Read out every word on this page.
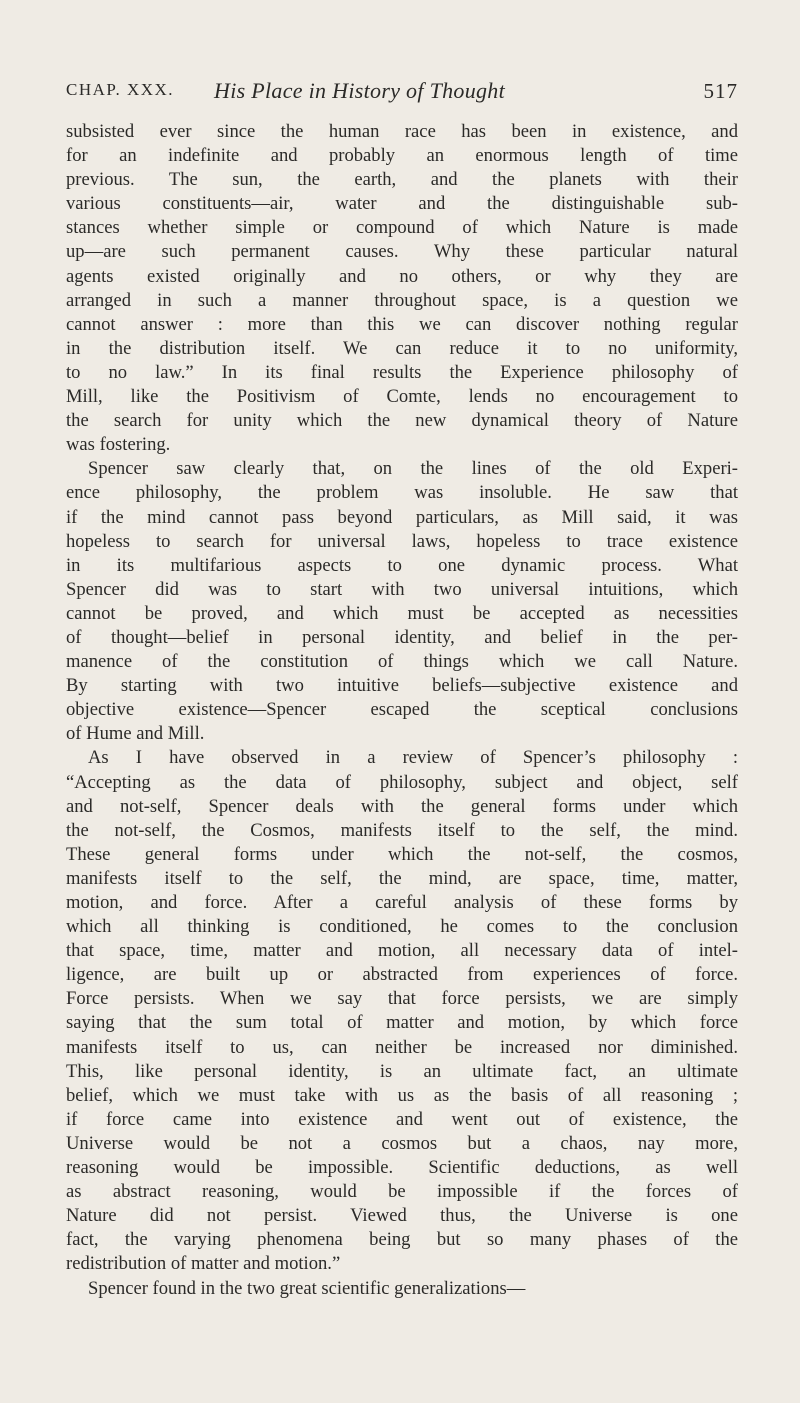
CHAP. XXX. His Place in History of Thought	517
subsisted ever since the human race has been in existence, and
for an indefinite and probably an enormous length of time
previous. The sun, the earth, and the planets with their
various constituents—air, water and the distinguishable sub-
stances whether simple or compound of which Nature is made
up—are such permanent causes. Why these particular natural
agents existed originally and no others, or why they are
arranged in such a manner throughout space, is a question we
cannot answer : more than this we can discover nothing regular
in the distribution itself. We can reduce it to no uniformity,
to no law.” In its final results the Experience philosophy of
Mill, like the Positivism of Comte, lends no encouragement to
the search for unity which the new dynamical theory of Nature
was fostering.
Spencer saw clearly that, on the lines of the old Experi-
ence philosophy, the problem was insoluble. He saw that
if the mind cannot pass beyond particulars, as Mill said, it was
hopeless to search for universal laws, hopeless to trace existence
in its multifarious aspects to one dynamic process. What
Spencer did was to start with two universal intuitions, which
cannot be proved, and which must be accepted as necessities
of thought—belief in personal identity, and belief in the per-
manence of the constitution of things which we call Nature.
By starting with two intuitive beliefs—subjective existence and
objective existence—Spencer escaped the sceptical conclusions
of Hume and Mill.
As I have observed in a review of Spencer’s philosophy :
“Accepting as the data of philosophy, subject and object, self
and not-self, Spencer deals with the general forms under which
the not-self, the Cosmos, manifests itself to the self, the mind.
These general forms under which the not-self, the cosmos,
manifests itself to the self, the mind, are space, time, matter,
motion, and force. After a careful analysis of these forms by
which all thinking is conditioned, he comes to the conclusion
that space, time, matter and motion, all necessary data of intel-
ligence, are built up or abstracted from experiences of force.
Force persists. When we say that force persists, we are simply
saying that the sum total of matter and motion, by which force
manifests itself to us, can neither be increased nor diminished.
This, like personal identity, is an ultimate fact, an ultimate
belief, which we must take with us as the basis of all reasoning ;
if force came into existence and went out of existence, the
Universe would be not a cosmos but a chaos, nay more,
reasoning would be impossible. Scientific deductions, as well
as abstract reasoning, would be impossible if the forces of
Nature did not persist. Viewed thus, the Universe is one
fact, the varying phenomena being but so many phases of the
redistribution of matter and motion.”
Spencer found in the two great scientific generalizations—
